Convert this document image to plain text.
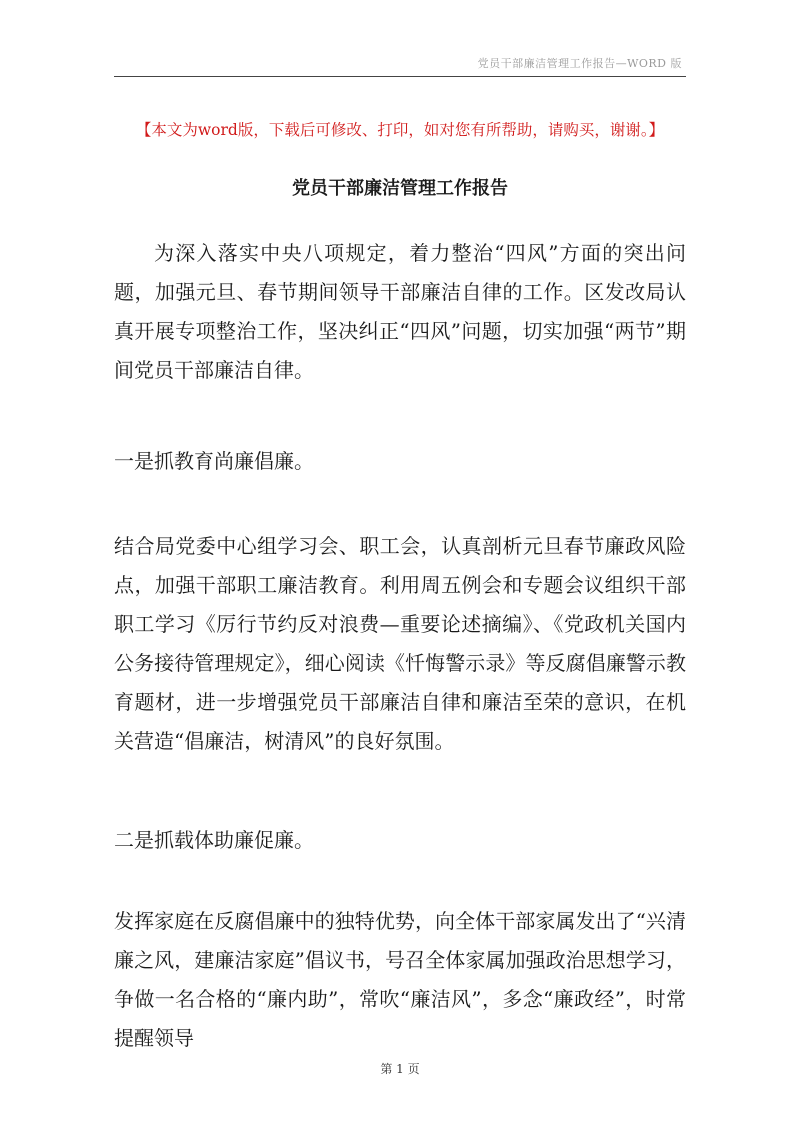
党员干部廉洁管理工作报告—WORD 版
【本文为word版，下载后可修改、打印，如对您有所帮助，请购买，谢谢。】
党员干部廉洁管理工作报告

为深入落实中央八项规定，着力整治“四风”方面的突出问题，加强元旦、春节期间领导干部廉洁自律的工作。区发改局认真开展专项整治工作，坚决纠正“四风”问题，切实加强“两节”期间党员干部廉洁自律。

一是抓教育尚廉倡廉。

结合局党委中心组学习会、职工会，认真剖析元旦春节廉政风险点，加强干部职工廉洁教育。利用周五例会和专题会议组织干部职工学习《厉行节约反对浪费—重要论述摘编》、《党政机关国内公务接待管理规定》，细心阅读《忏悔警示录》等反腐倡廉警示教育题材，进一步增强党员干部廉洁自律和廉洁至荣的意识，在机关营造“倡廉洁，树清风”的良好氛围。

二是抓载体助廉促廉。

发挥家庭在反腐倡廉中的独特优势，向全体干部家属发出了“兴清廉之风，建廉洁家庭”倡议书，号召全体家属加强政治思想学习，争做一名合格的“廉内助”，常吹“廉洁风”，多念“廉政经”，时常提醒领导

第 1 页
